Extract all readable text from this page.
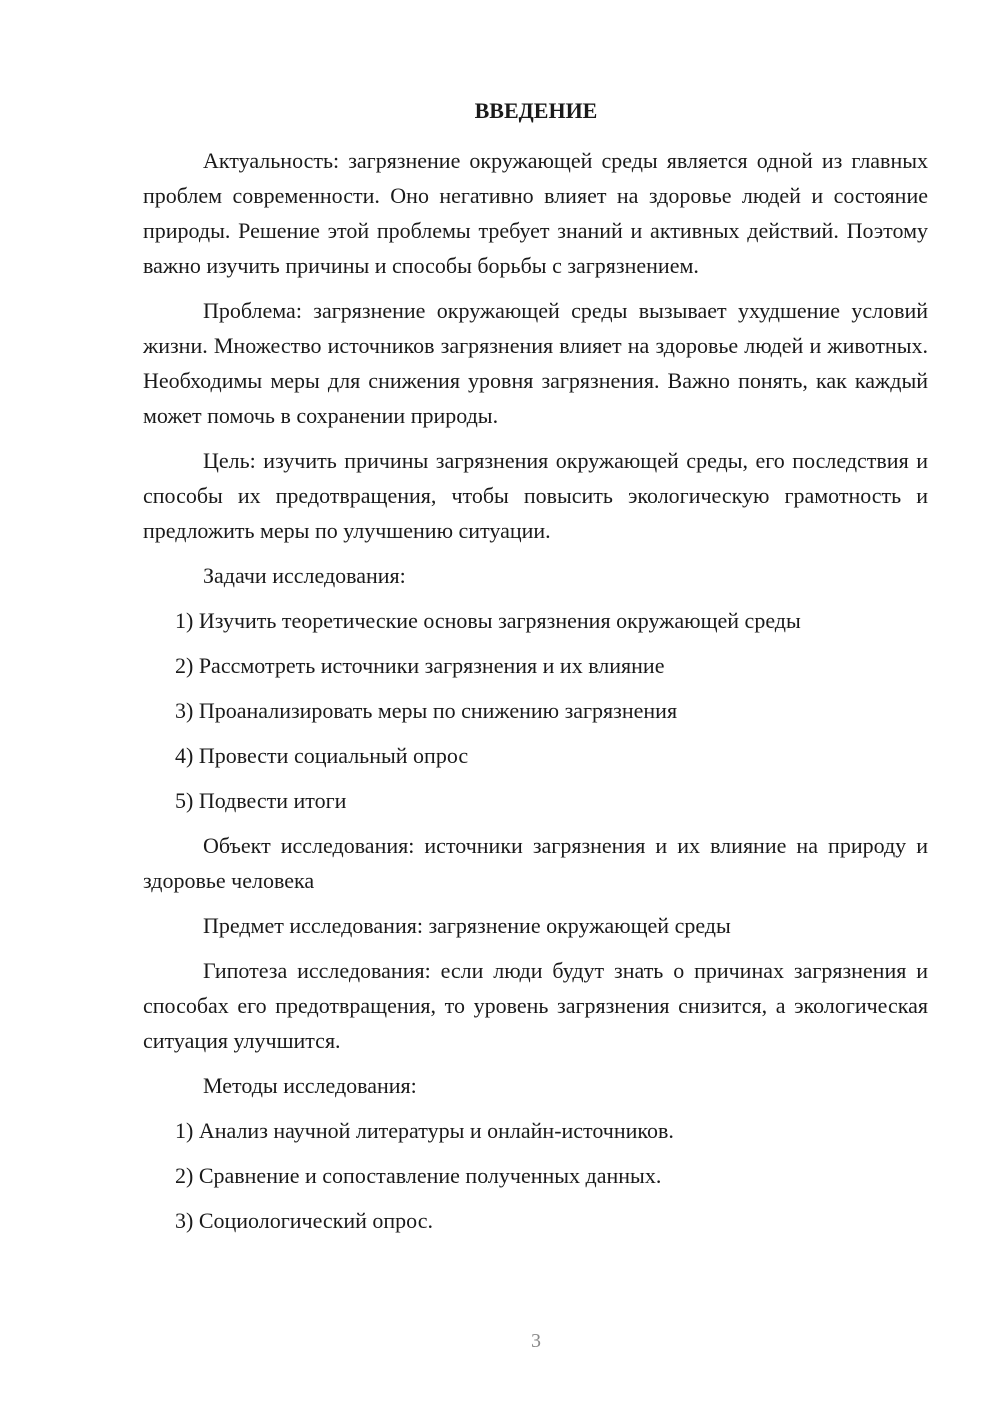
ВВЕДЕНИЕ

Актуальность: загрязнение окружающей среды является одной из главных проблем современности. Оно негативно влияет на здоровье людей и состояние природы. Решение этой проблемы требует знаний и активных действий. Поэтому важно изучить причины и способы борьбы с загрязнением.

Проблема: загрязнение окружающей среды вызывает ухудшение условий жизни. Множество источников загрязнения влияет на здоровье людей и животных. Необходимы меры для снижения уровня загрязнения. Важно понять, как каждый может помочь в сохранении природы.

Цель: изучить причины загрязнения окружающей среды, его последствия и способы их предотвращения, чтобы повысить экологическую грамотность и предложить меры по улучшению ситуации.

Задачи исследования:

1) Изучить теоретические основы загрязнения окружающей среды

2) Рассмотреть источники загрязнения и их влияние

3) Проанализировать меры по снижению загрязнения

4) Провести социальный опрос

5) Подвести итоги

Объект исследования: источники загрязнения и их влияние на природу и здоровье человека

Предмет исследования: загрязнение окружающей среды

Гипотеза исследования: если люди будут знать о причинах загрязнения и способах его предотвращения, то уровень загрязнения снизится, а экологическая ситуация улучшится.

Методы исследования:

1) Анализ научной литературы и онлайн-источников.

2) Сравнение и сопоставление полученных данных.

3) Социологический опрос.

3
